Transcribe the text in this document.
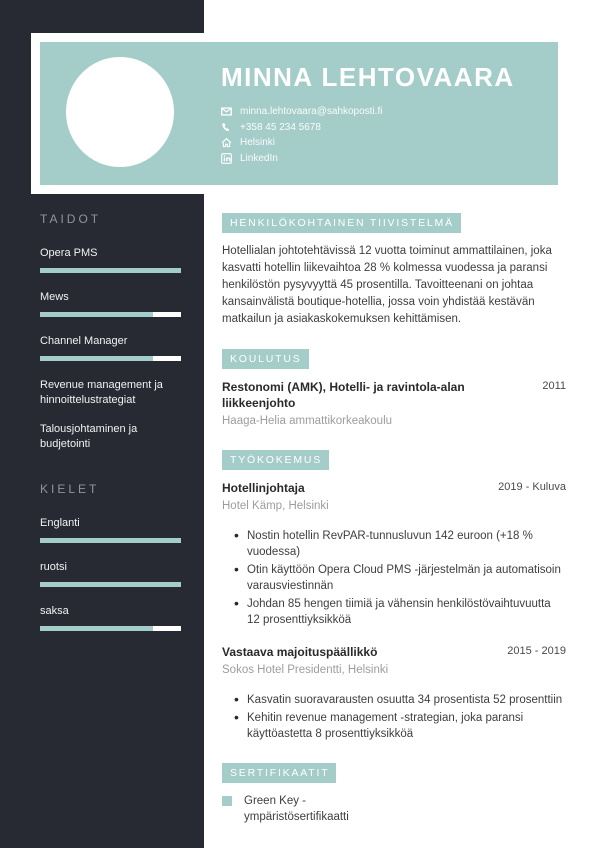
TAIDOT
Opera PMS
Mews
Channel Manager
Revenue management ja hinnoittelustrategiat
Talousjohtaminen ja budjetointi
KIELET
Englanti
ruotsi
saksa
MINNA LEHTOVAARA
minna.lehtovaara@sahkoposti.fi
+358 45 234 5678
Helsinki
LinkedIn
HENKILÖKOHTAINEN TIIVISTELMÄ

Hotellialan johtotehtävissä 12 vuotta toiminut ammattilainen, joka kasvatti hotellin liikevaihtoa 28 % kolmessa vuodessa ja paransi henkilöstön pysyvyyttä 45 prosentilla. Tavoitteenani on johtaa kansainvälistä boutique-hotellia, jossa voin yhdistää kestävän matkailun ja asiakaskokemuksen kehittämisen.

KOULUTUS
Restonomi (AMK), Hotelli- ja ravintola-alan liikkeenjohto
2011
Haaga-Helia ammattikorkeakoulu
TYÖKOKEMUS
Hotellinjohtaja	2019 - Kuluva
Hotel Kämp, Helsinki
• Nostin hotellin RevPAR-tunnusluvun 142 euroon (+18 % vuodessa)
• Otin käyttöön Opera Cloud PMS -järjestelmän ja automatisoin varausviestinnän
• Johdan 85 hengen tiimiä ja vähensin henkilöstövaihtuvuutta 12 prosenttiyksikköä
Vastaava majoituspäällikkö	2015 - 2019
Sokos Hotel Presidentti, Helsinki
• Kasvatin suoravarausten osuutta 34 prosentista 52 prosenttiin
• Kehitin revenue management -strategian, joka paransi käyttöastetta 8 prosenttiyksikköä
SERTIFIKAATIT
Green Key - ympäristösertifikaatti
